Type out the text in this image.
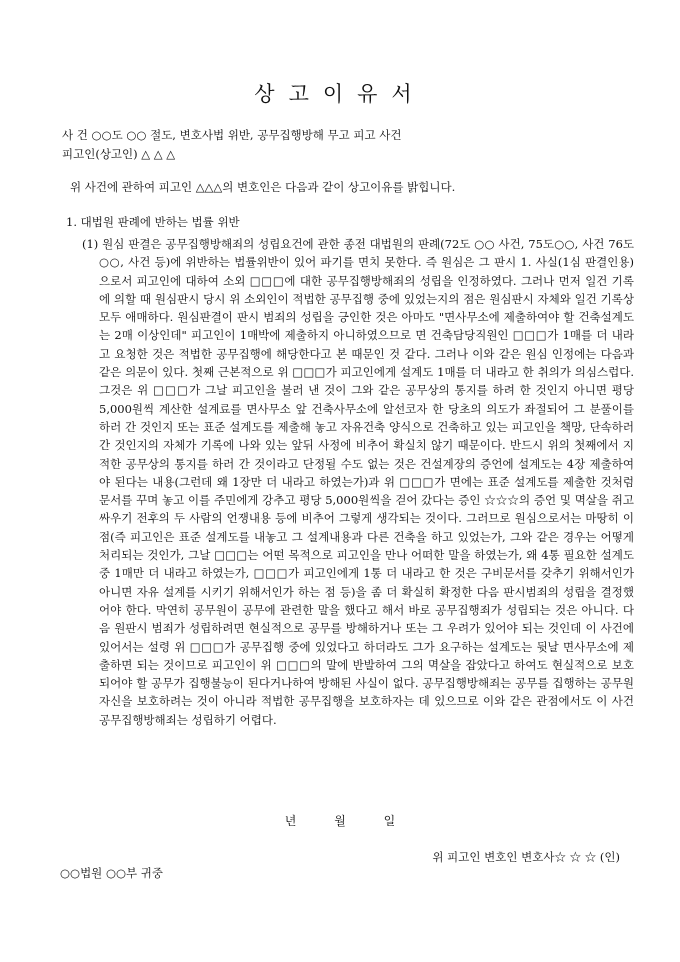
상고이유서
사 건 ○○도 ○○ 절도, 변호사법 위반, 공무집행방해 무고 피고 사건
피고인(상고인) △ △ △
위 사건에 관하여 피고인 △△△의 변호인은 다음과 같이 상고이유를 밝힙니다.
1. 대법원 판례에 반하는 법률 위반
(1) 원심 판결은 공무집행방해죄의 성립요건에 관한 종전 대법원의 판례(72도 ○○ 사건, 75도○○, 사건 76도○○, 사건 등)에 위반하는 법률위반이 있어 파기를 면치 못한다. 즉 원심은 그 판시 1. 사실(1심 판결인용)으로서 피고인에 대하여 소외 □□□에 대한 공무집행방해죄의 성립을 인정하였다. 그러나 먼저 일건 기록에 의할 때 원심판시 당시 위 소외인이 적법한 공무집행 중에 있었는지의 점은 원심판시 자체와 일건 기록상 모두 애매하다. 원심판결이 판시 범죄의 성립을 긍인한 것은 아마도 "면사무소에 제출하여야 할 건축설계도는 2매 이상인데" 피고인이 1매박에 제출하지 아니하였으므로 면 건축담당직원인 □□□가 1매를 더 내라고 요청한 것은 적법한 공무집행에 해당한다고 본 때문인 것 같다. 그러나 이와 같은 원심 인정에는 다음과 같은 의문이 있다. 첫째 근본적으로 위 □□□가 피고인에게 설계도 1매를 더 내라고 한 취의가 의심스럽다. 그것은 위 □□□가 그날 피고인을 불러 낸 것이 그와 같은 공무상의 통지를 하려 한 것인지 아니면 평당 5,000원씩 계산한 설계료를 면사무소 앞 건축사무소에 알선코자 한 당초의 의도가 좌절되어 그 분풀이를 하러 간 것인지 또는 표준 설계도를 제출해 놓고 자유건축 양식으로 건축하고 있는 피고인을 책망, 단속하러 간 것인지의 자체가 기록에 나와 있는 앞뒤 사정에 비추어 확실치 않기 때문이다. 반드시 위의 첫째에서 지적한 공무상의 통지를 하러 간 것이라고 단정될 수도 없는 것은 건설계장의 증언에 설계도는 4장 제출하여야 된다는 내용(그런데 왜 1장만 더 내라고 하였는가)과 위 □□□가 면에는 표준 설계도를 제출한 것처럼 문서를 꾸며 놓고 이를 주민에게 강추고 평당 5,000원씩을 걷어 갔다는 증인 ☆☆☆의 증언 및 멱살을 쥐고 싸우기 전후의 두 사람의 언쟁내용 등에 비추어 그렇게 생각되는 것이다. 그러므로 원심으로서는 마땅히 이 점(즉 피고인은 표준 설계도를 내놓고 그 설계내용과 다른 건축을 하고 있었는가, 그와 같은 경우는 어떻게 처리되는 것인가, 그날 □□□는 어떤 목적으로 피고인을 만나 어떠한 말을 하였는가, 왜 4통 필요한 설계도 중 1매만 더 내라고 하였는가, □□□가 피고인에게 1통 더 내라고 한 것은 구비문서를 갖추기 위해서인가 아니면 자유 설계를 시키기 위해서인가 하는 점 등)을 좀 더 확실히 확정한 다음 판시범죄의 성립을 결정했어야 한다. 막연히 공무원이 공무에 관련한 말을 했다고 해서 바로 공무집행죄가 성립되는 것은 아니다. 다음 원판시 범죄가 성립하려면 현실적으로 공무를 방해하거나 또는 그 우려가 있어야 되는 것인데 이 사건에 있어서는 설령 위 □□□가 공무집행 중에 있었다고 하더라도 그가 요구하는 설계도는 뒷날 면사무소에 제출하면 되는 것이므로 피고인이 위 □□□의 말에 반발하여 그의 멱살을 잡았다고 하여도 현실적으로 보호되어야 할 공무가 집행불능이 된다거나하여 방해된 사실이 없다. 공무집행방해죄는 공무를 집행하는 공무원 자신을 보호하려는 것이 아니라 적법한 공무집행을 보호하자는 데 있으므로 이와 같은 관점에서도 이 사건 공무집행방해죄는 성립하기 어렵다.
년 월 일
위 피고인 변호인 변호사☆ ☆ ☆ (인)
○○법원 ○○부 귀중
